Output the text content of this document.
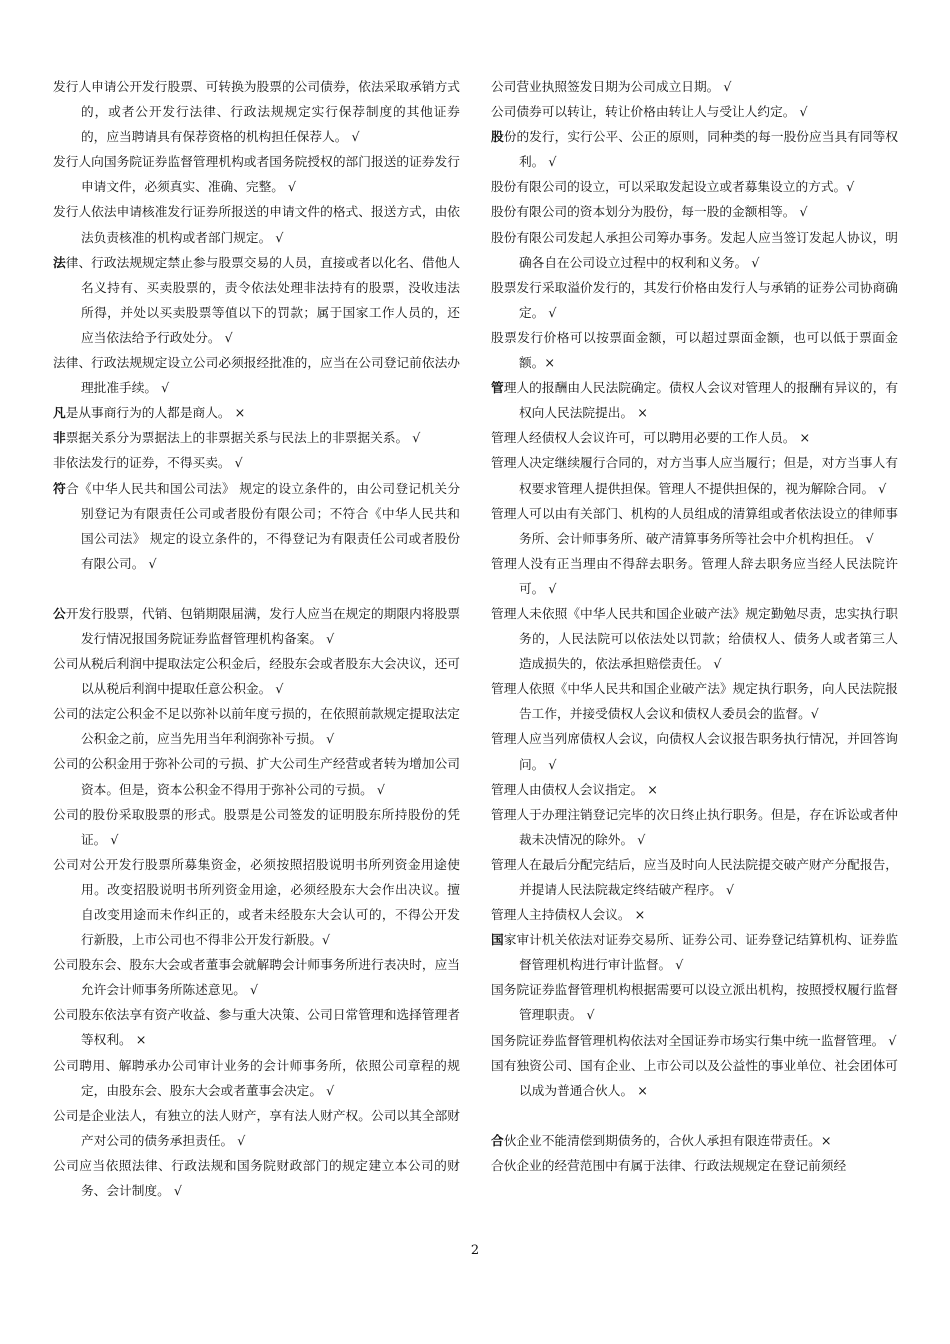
发行人申请公开发行股票、可转换为股票的公司债券，依法采取承销方式的，或者公开发行法律、行政法规规定实行保荐制度的其他证券的，应当聘请具有保荐资格的机构担任保荐人。 √

发行人向国务院证券监督管理机构或者国务院授权的部门报送的证券发行申请文件，必须真实、准确、完整。 √

发行人依法申请核准发行证券所报送的申请文件的格式、报送方式，由依法负责核准的机构或者部门规定。 √

法律、行政法规规定禁止参与股票交易的人员，直接或者以化名、借他人名义持有、买卖股票的，责令依法处理非法持有的股票，没收违法所得，并处以买卖股票等值以下的罚款；属于国家工作人员的，还应当依法给予行政处分。 √

法律、行政法规规定设立公司必须报经批准的，应当在公司登记前依法办理批准手续。 √

凡是从事商行为的人都是商人。 ×

非票据关系分为票据法上的非票据关系与民法上的非票据关系。 √

非依法发行的证券，不得买卖。 √

符合《中华人民共和国公司法》 规定的设立条件的，由公司登记机关分别登记为有限责任公司或者股份有限公司；不符合《中华人民共和国公司法》 规定的设立条件的，不得登记为有限责任公司或者股份有限公司。 √

公开发行股票，代销、包销期限届满，发行人应当在规定的期限内将股票发行情况报国务院证券监督管理机构备案。 √

公司从税后利润中提取法定公积金后，经股东会或者股东大会决议，还可以从税后利润中提取任意公积金。 √

公司的法定公积金不足以弥补以前年度亏损的，在依照前款规定提取法定公积金之前，应当先用当年利润弥补亏损。 √

公司的公积金用于弥补公司的亏损、扩大公司生产经营或者转为增加公司资本。但是，资本公积金不得用于弥补公司的亏损。 √

公司的股份采取股票的形式。股票是公司签发的证明股东所持股份的凭证。 √

公司对公开发行股票所募集资金，必须按照招股说明书所列资金用途使用。改变招股说明书所列资金用途，必须经股东大会作出决议。擅自改变用途而未作纠正的，或者未经股东大会认可的，不得公开发行新股，上市公司也不得非公开发行新股。√

公司股东会、股东大会或者董事会就解聘会计师事务所进行表决时，应当允许会计师事务所陈述意见。 √

公司股东依法享有资产收益、参与重大决策、公司日常管理和选择管理者等权利。 ×

公司聘用、解聘承办公司审计业务的会计师事务所，依照公司章程的规定，由股东会、股东大会或者董事会决定。 √

公司是企业法人，有独立的法人财产，享有法人财产权。公司以其全部财产对公司的债务承担责任。 √

公司应当依照法律、行政法规和国务院财政部门的规定建立本公司的财务、会计制度。 √

公司营业执照签发日期为公司成立日期。 √

公司债券可以转让，转让价格由转让人与受让人约定。 √

股份的发行，实行公平、公正的原则，同种类的每一股份应当具有同等权利。 √

股份有限公司的设立，可以采取发起设立或者募集设立的方式。√

股份有限公司的资本划分为股份，每一股的金额相等。 √

股份有限公司发起人承担公司筹办事务。发起人应当签订发起人协议，明确各自在公司设立过程中的权利和义务。 √

股票发行采取溢价发行的，其发行价格由发行人与承销的证券公司协商确定。 √

股票发行价格可以按票面金额，可以超过票面金额，也可以低于票面金额。×

管理人的报酬由人民法院确定。债权人会议对管理人的报酬有异议的，有权向人民法院提出。 ×

管理人经债权人会议许可，可以聘用必要的工作人员。 ×

管理人决定继续履行合同的，对方当事人应当履行；但是，对方当事人有权要求管理人提供担保。管理人不提供担保的，视为解除合同。 √

管理人可以由有关部门、机构的人员组成的清算组或者依法设立的律师事务所、会计师事务所、破产清算事务所等社会中介机构担任。 √

管理人没有正当理由不得辞去职务。管理人辞去职务应当经人民法院许可。 √

管理人未依照《中华人民共和国企业破产法》规定勤勉尽责，忠实执行职务的，人民法院可以依法处以罚款；给债权人、债务人或者第三人造成损失的，依法承担赔偿责任。 √

管理人依照《中华人民共和国企业破产法》规定执行职务，向人民法院报告工作，并接受债权人会议和债权人委员会的监督。√

管理人应当列席债权人会议，向债权人会议报告职务执行情况，并回答询问。 √

管理人由债权人会议指定。 ×

管理人于办理注销登记完毕的次日终止执行职务。但是，存在诉讼或者仲裁未决情况的除外。 √

管理人在最后分配完结后，应当及时向人民法院提交破产财产分配报告，并提请人民法院裁定终结破产程序。 √

管理人主持债权人会议。 ×

国家审计机关依法对证券交易所、证券公司、证券登记结算机构、证券监督管理机构进行审计监督。 √

国务院证券监督管理机构根据需要可以设立派出机构，按照授权履行监督管理职责。 √

国务院证券监督管理机构依法对全国证券市场实行集中统一监督管理。 √

国有独资公司、国有企业、上市公司以及公益性的事业单位、社会团体可以成为普通合伙人。 ×

合伙企业不能清偿到期债务的，合伙人承担有限连带责任。×

合伙企业的经营范围中有属于法律、行政法规规定在登记前须经

2
